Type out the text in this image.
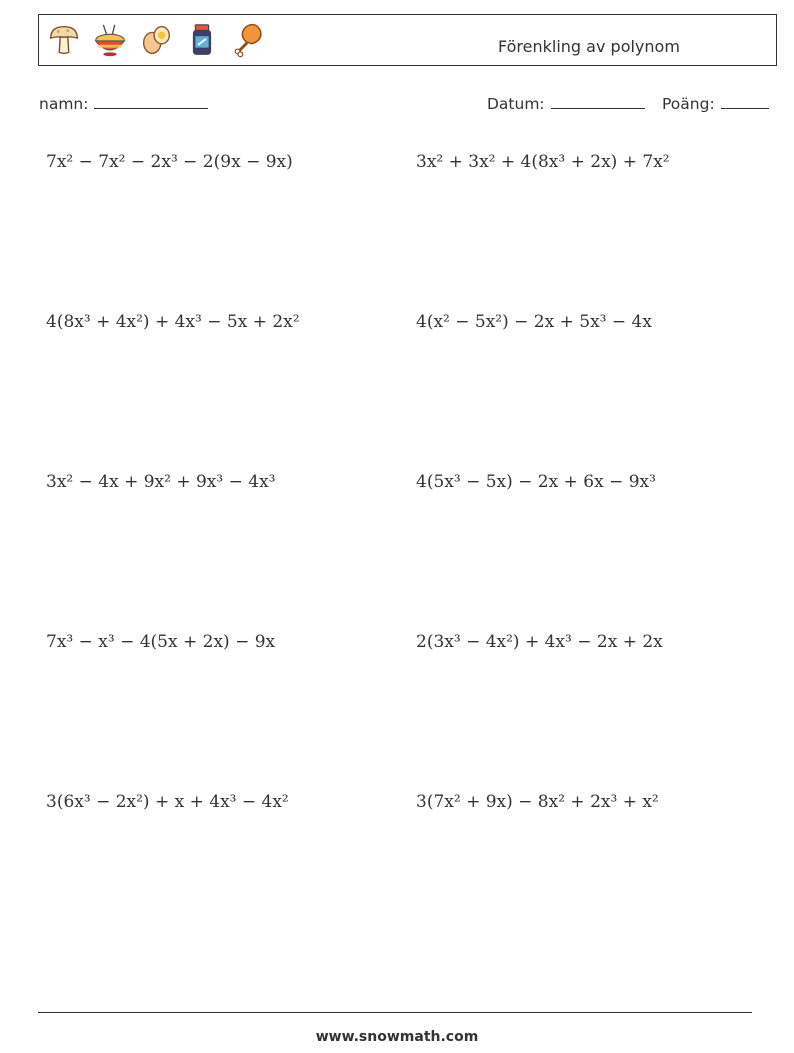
Förenkling av polynom
namn:	Datum:	Poäng:
7x² − 7x² − 2x³ − 2(9x − 9x)	3x² + 3x² + 4(8x³ + 2x) + 7x²
4(8x³ + 4x²) + 4x³ − 5x + 2x²	4(x² − 5x²) − 2x + 5x³ − 4x
3x² − 4x + 9x² + 9x³ − 4x³	4(5x³ − 5x) − 2x + 6x − 9x³
7x³ − x³ − 4(5x + 2x) − 9x	2(3x³ − 4x²) + 4x³ − 2x + 2x
3(6x³ − 2x²) + x + 4x³ − 4x²	3(7x² + 9x) − 8x² + 2x³ + x²
www.snowmath.com
